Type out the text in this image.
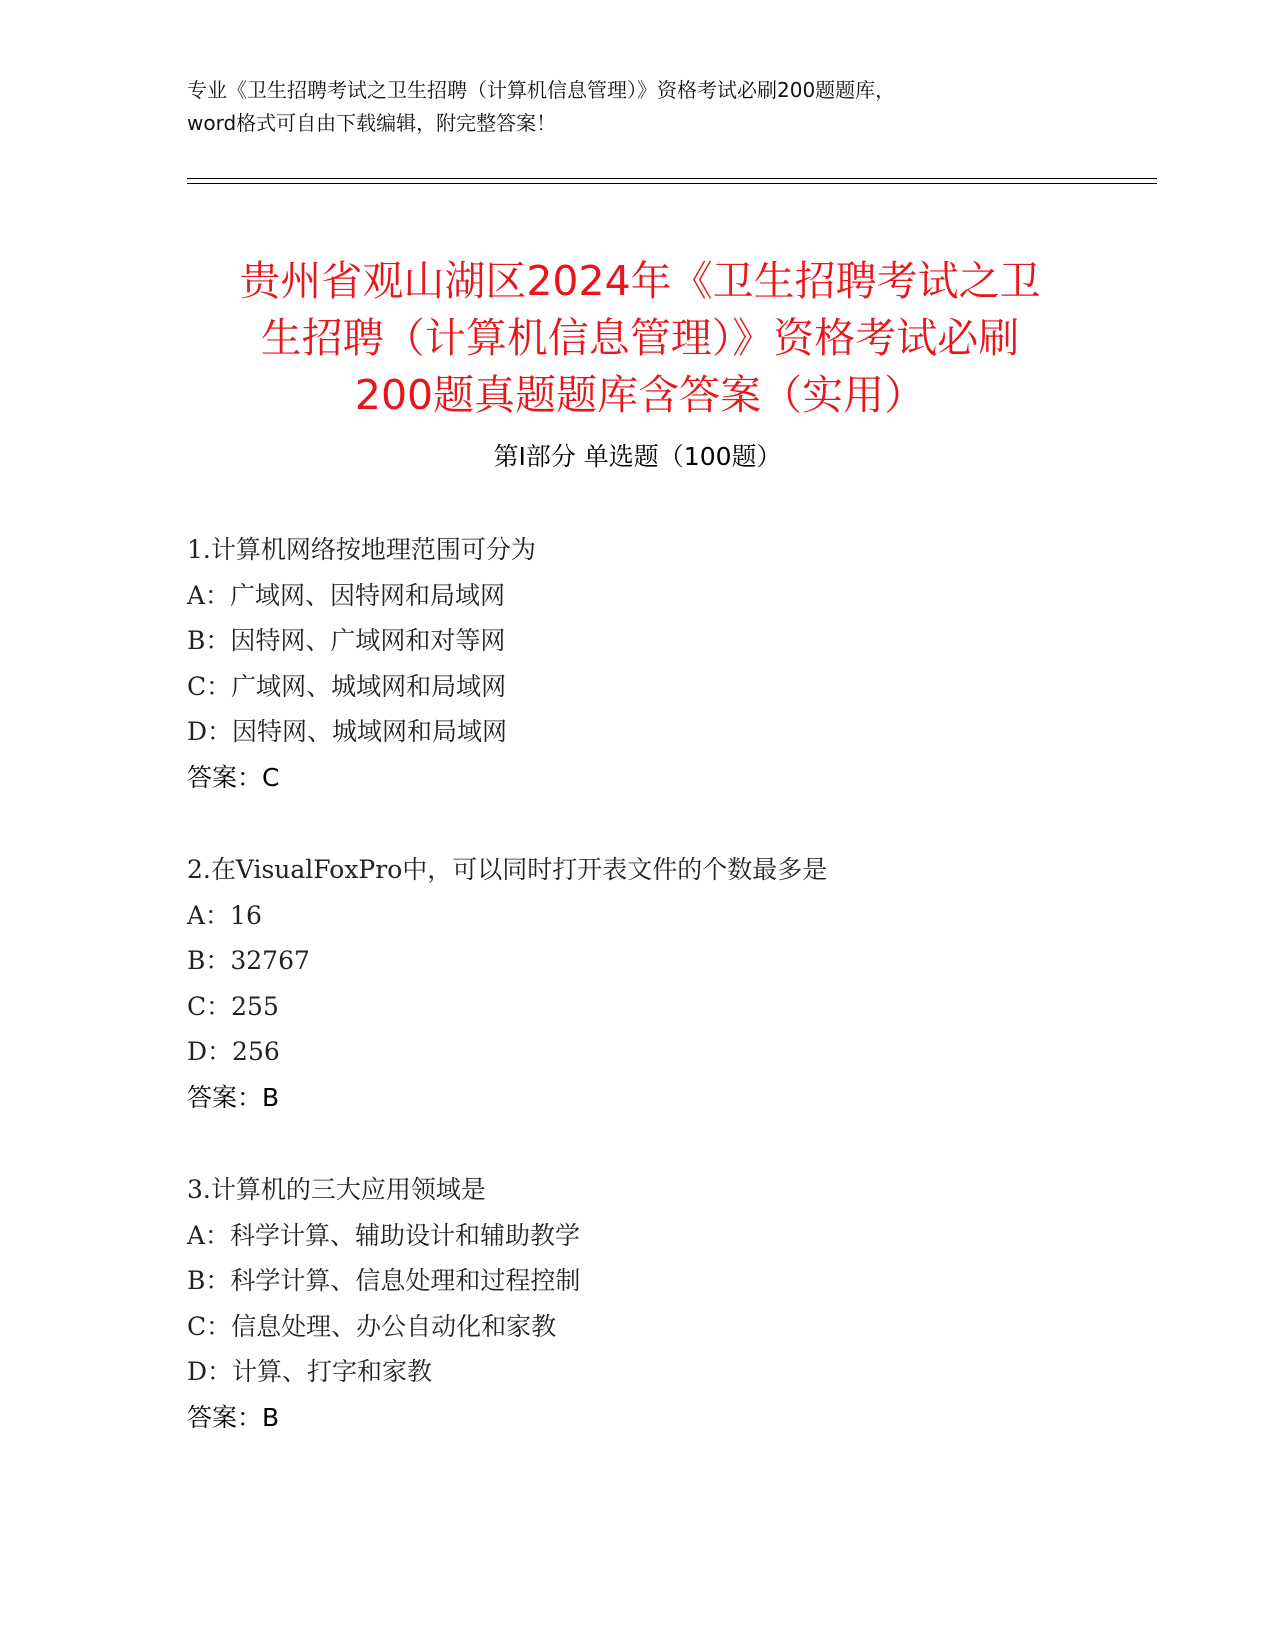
专业《卫生招聘考试之卫生招聘（计算机信息管理）》资格考试必刷200题题库，
word格式可自由下载编辑，附完整答案！
贵州省观山湖区2024年《卫生招聘考试之卫
生招聘（计算机信息管理）》资格考试必刷
200题真题题库含答案（实用）
第Ⅰ部分 单选题（100题）
1.计算机网络按地理范围可分为
A：广域网、因特网和局域网
B：因特网、广域网和对等网
C：广域网、城域网和局域网
D：因特网、城域网和局域网
答案：C
2.在VisualFoxPro中，可以同时打开表文件的个数最多是
A：16
B：32767
C：255
D：256
答案：B
3.计算机的三大应用领域是
A：科学计算、辅助设计和辅助教学
B：科学计算、信息处理和过程控制
C：信息处理、办公自动化和家教
D：计算、打字和家教
答案：B
